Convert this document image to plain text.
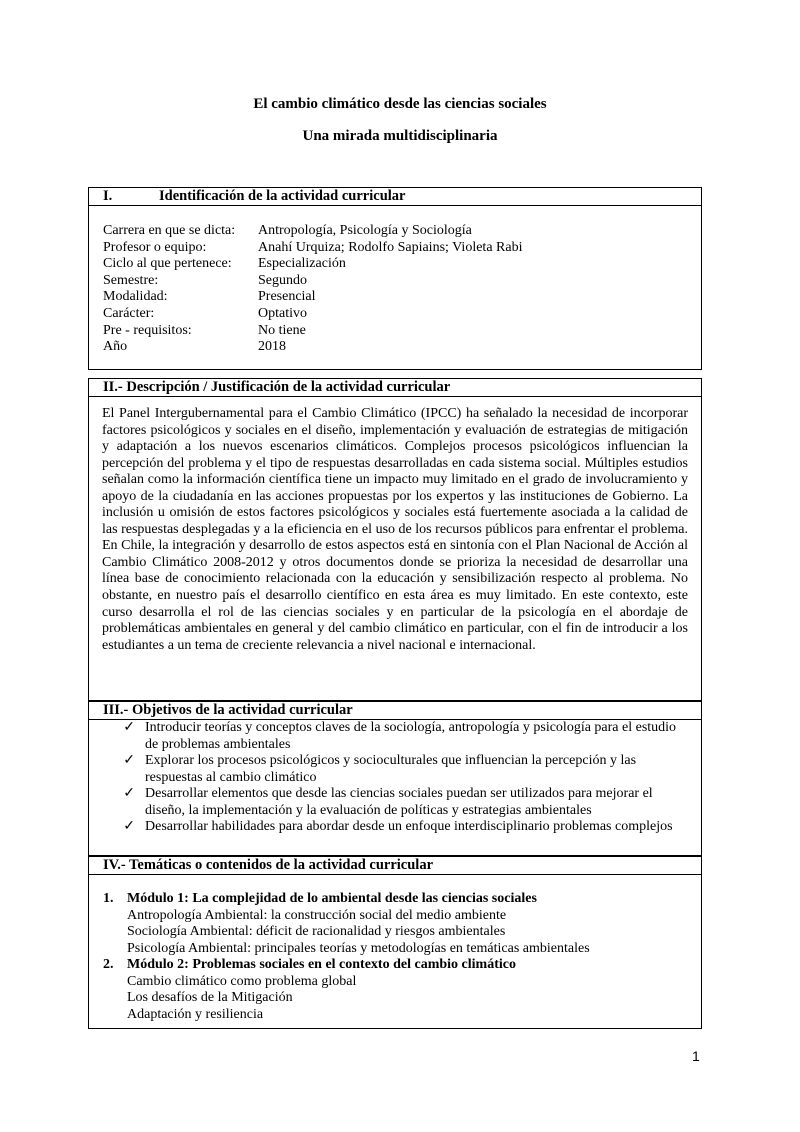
El cambio climático desde las ciencias sociales
Una mirada multidisciplinaria
I.	Identificación de la actividad curricular
Carrera en que se dicta:	Antropología, Psicología y Sociología
Profesor o equipo:	Anahí Urquiza; Rodolfo Sapiains; Violeta Rabi
Ciclo al que pertenece:	Especialización
Semestre:	Segundo
Modalidad:	Presencial
Carácter:	Optativo
Pre - requisitos:	No tiene
Año	2018
II.- Descripción / Justificación de la actividad curricular
El Panel Intergubernamental para el Cambio Climático (IPCC) ha señalado la necesidad de incorporar factores psicológicos y sociales en el diseño, implementación y evaluación de estrategias de mitigación y adaptación a los nuevos escenarios climáticos. Complejos procesos psicológicos influencian la percepción del problema y el tipo de respuestas desarrolladas en cada sistema social. Múltiples estudios señalan como la información científica tiene un impacto muy limitado en el grado de involucramiento y apoyo de la ciudadanía en las acciones propuestas por los expertos y las instituciones de Gobierno. La inclusión u omisión de estos factores psicológicos y sociales está fuertemente asociada a la calidad de las respuestas desplegadas y a la eficiencia en el uso de los recursos públicos para enfrentar el problema. En Chile, la integración y desarrollo de estos aspectos está en sintonía con el Plan Nacional de Acción al Cambio Climático 2008-2012 y otros documentos donde se prioriza la necesidad de desarrollar una línea base de conocimiento relacionada con la educación y sensibilización respecto al problema. No obstante, en nuestro país el desarrollo científico en esta área es muy limitado. En este contexto, este curso desarrolla el rol de las ciencias sociales y en particular de la psicología en el abordaje de problemáticas ambientales en general y del cambio climático en particular, con el fin de introducir a los estudiantes a un tema de creciente relevancia a nivel nacional e internacional.
III.- Objetivos de la actividad curricular
✓ Introducir teorías y conceptos claves de la sociología, antropología y psicología para el estudio de problemas ambientales
✓ Explorar los procesos psicológicos y socioculturales que influencian la percepción y las respuestas al cambio climático
✓ Desarrollar elementos que desde las ciencias sociales puedan ser utilizados para mejorar el diseño, la implementación y la evaluación de políticas y estrategias ambientales
✓ Desarrollar habilidades para abordar desde un enfoque interdisciplinario problemas complejos
IV.- Temáticas o contenidos de la actividad curricular
1. Módulo 1: La complejidad de lo ambiental desde las ciencias sociales
Antropología Ambiental: la construcción social del medio ambiente
Sociología Ambiental: déficit de racionalidad y riesgos ambientales
Psicología Ambiental: principales teorías y metodologías en temáticas ambientales
2. Módulo 2: Problemas sociales en el contexto del cambio climático
Cambio climático como problema global
Los desafíos de la Mitigación
Adaptación y resiliencia
1
